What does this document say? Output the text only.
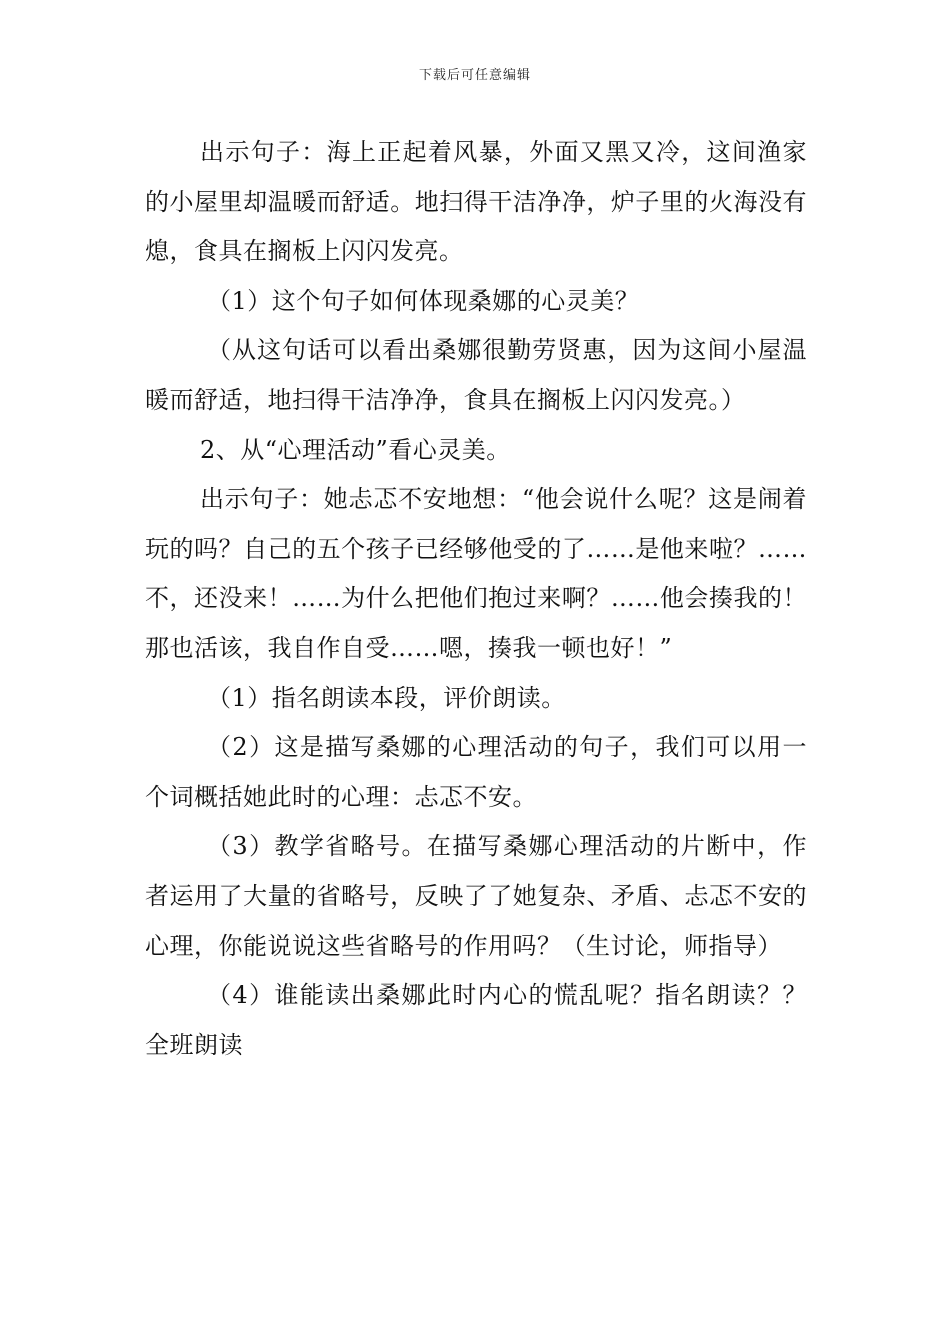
下载后可任意编辑

出示句子：海上正起着风暴，外面又黑又冷，这间渔家的小屋里却温暖而舒适。地扫得干洁净净，炉子里的火海没有熄，食具在搁板上闪闪发亮。

（1）这个句子如何体现桑娜的心灵美？

（从这句话可以看出桑娜很勤劳贤惠，因为这间小屋温暖而舒适，地扫得干洁净净，食具在搁板上闪闪发亮。）

2、从“心理活动”看心灵美。

出示句子：她忐忑不安地想：“他会说什么呢？这是闹着玩的吗？自己的五个孩子已经够他受的了……是他来啦？……不，还没来！……为什么把他们抱过来啊？……他会揍我的！那也活该，我自作自受……嗯，揍我一顿也好！”

（1）指名朗读本段，评价朗读。

（2）这是描写桑娜的心理活动的句子，我们可以用一个词概括她此时的心理：忐忑不安。

（3）教学省略号。在描写桑娜心理活动的片断中，作者运用了大量的省略号，反映了了她复杂、矛盾、忐忑不安的心理，你能说说这些省略号的作用吗？（生讨论，师指导）

（4）谁能读出桑娜此时内心的慌乱呢？指名朗读？？全班朗读
